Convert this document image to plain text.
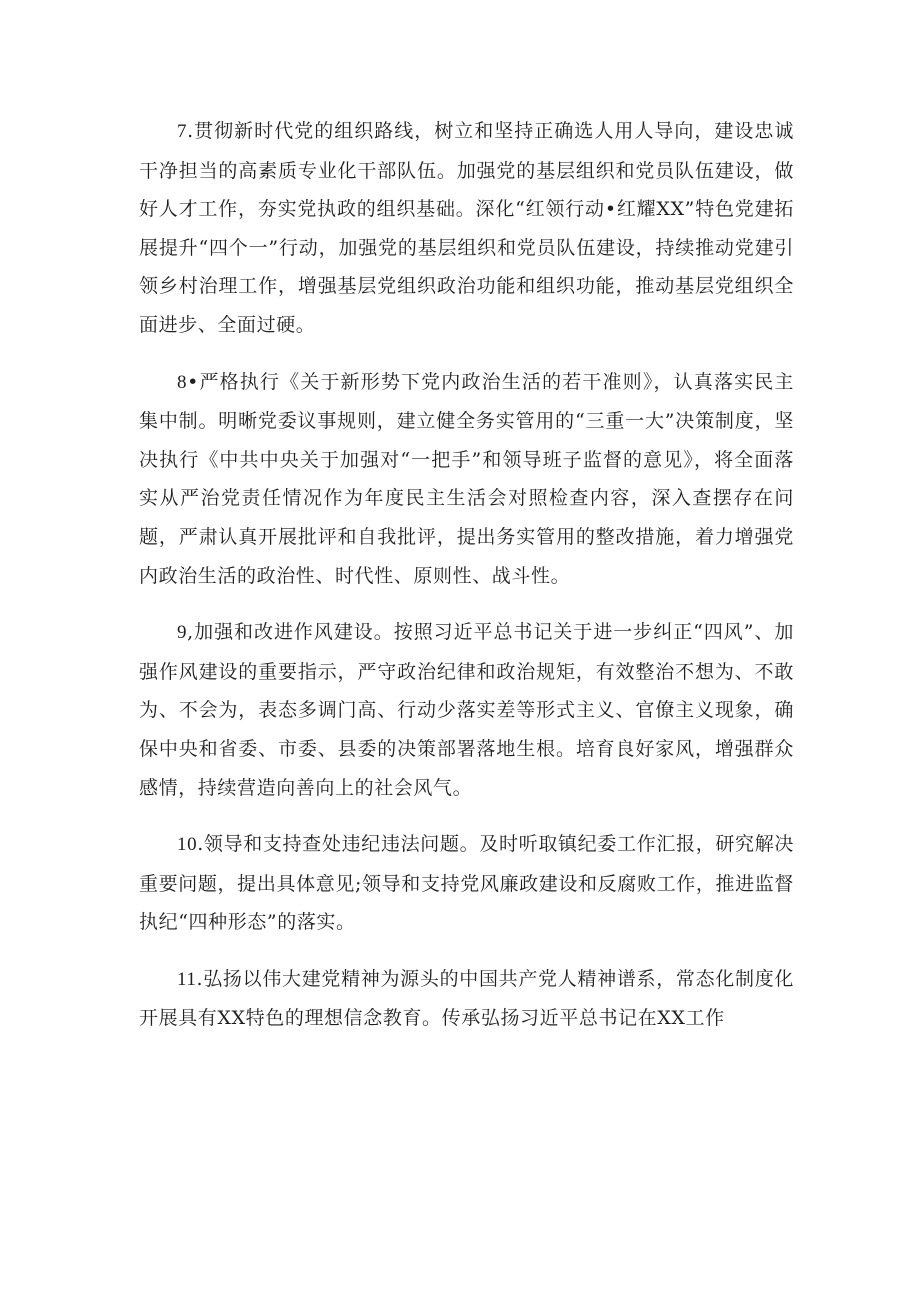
7.贯彻新时代党的组织路线，树立和坚持正确选人用人导向，建设忠诚干净担当的高素质专业化干部队伍。加强党的基层组织和党员队伍建设，做好人才工作，夯实党执政的组织基础。深化“红领行动•红耀XX”特色党建拓展提升“四个一”行动，加强党的基层组织和党员队伍建设，持续推动党建引领乡村治理工作，增强基层党组织政治功能和组织功能，推动基层党组织全面进步、全面过硬。

8•严格执行《关于新形势下党内政治生活的若干准则》，认真落实民主集中制。明晰党委议事规则，建立健全务实管用的“三重一大”决策制度，坚决执行《中共中央关于加强对“一把手”和领导班子监督的意见》，将全面落实从严治党责任情况作为年度民主生活会对照检查内容，深入查摆存在问题，严肃认真开展批评和自我批评，提出务实管用的整改措施，着力增强党内政治生活的政治性、时代性、原则性、战斗性。

9,加强和改进作风建设。按照习近平总书记关于进一步纠正“四风”、加强作风建设的重要指示，严守政治纪律和政治规矩，有效整治不想为、不敢为、不会为，表态多调门高、行动少落实差等形式主义、官僚主义现象，确保中央和省委、市委、县委的决策部署落地生根。培育良好家风，增强群众感情，持续营造向善向上的社会风气。

10.领导和支持查处违纪违法问题。及时听取镇纪委工作汇报，研究解决重要问题，提出具体意见;领导和支持党风廉政建设和反腐败工作，推进监督执纪“四种形态”的落实。

11.弘扬以伟大建党精神为源头的中国共产党人精神谱系，常态化制度化开展具有XX特色的理想信念教育。传承弘扬习近平总书记在XX工作
